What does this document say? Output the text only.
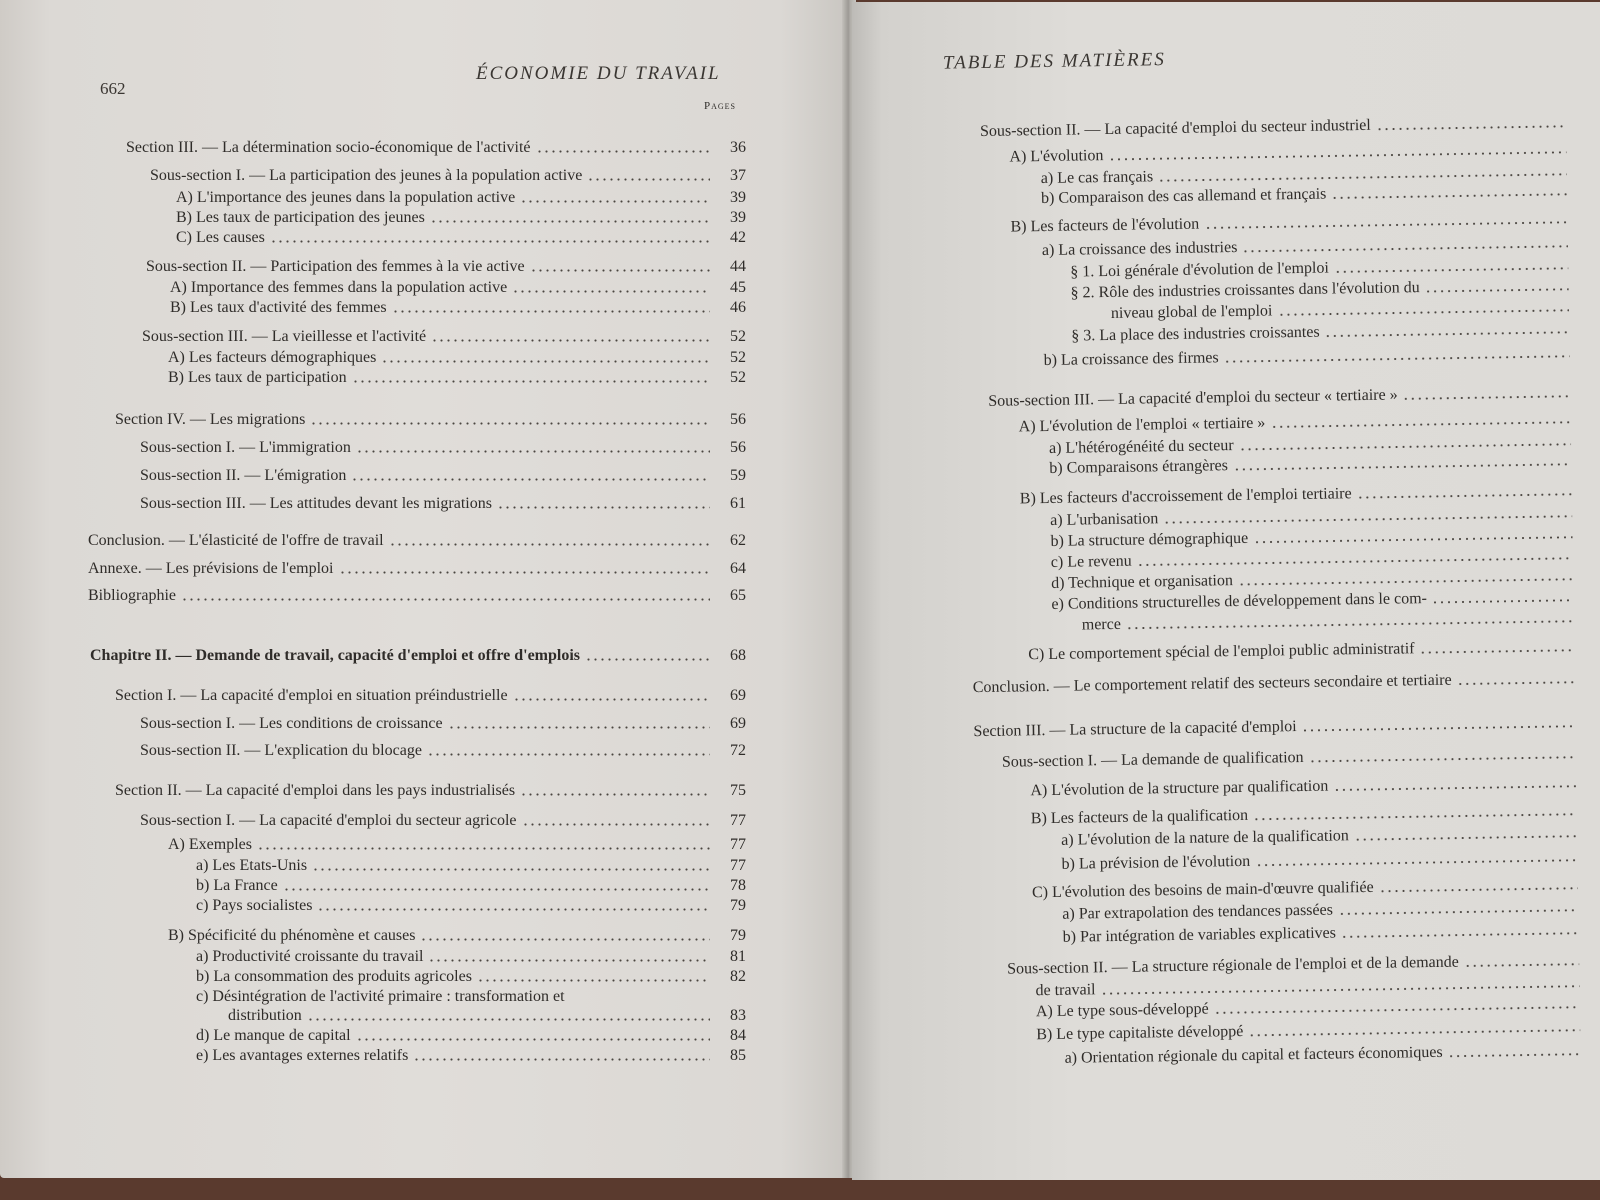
662
ÉCONOMIE DU TRAVAIL
Pages
Section III. — La détermination socio-économique de l'activité	36
Sous-section I. — La participation des jeunes à la population active	37
A) L'importance des jeunes dans la population active	39
B) Les taux de participation des jeunes	39
C) Les causes	42
Sous-section II. — Participation des femmes à la vie active	44
A) Importance des femmes dans la population active	45
B) Les taux d'activité des femmes	46
Sous-section III. — La vieillesse et l'activité	52
A) Les facteurs démographiques	52
B) Les taux de participation	52
Section IV. — Les migrations	56
Sous-section I. — L'immigration	56
Sous-section II. — L'émigration	59
Sous-section III. — Les attitudes devant les migrations	61
Conclusion. — L'élasticité de l'offre de travail	62
Annexe. — Les prévisions de l'emploi	64
Bibliographie	65
Chapitre II. — Demande de travail, capacité d'emploi et offre d'emplois	68
Section I. — La capacité d'emploi en situation préindustrielle	69
Sous-section I. — Les conditions de croissance	69
Sous-section II. — L'explication du blocage	72
Section II. — La capacité d'emploi dans les pays industrialisés	75
Sous-section I. — La capacité d'emploi du secteur agricole	77
A) Exemples	77
a) Les Etats-Unis	77
b) La France	78
c) Pays socialistes	79
B) Spécificité du phénomène et causes	79
a) Productivité croissante du travail	81
b) La consommation des produits agricoles	82
c) Désintégration de l'activité primaire : transformation et
distribution	83
d) Le manque de capital	84
e) Les avantages externes relatifs	85
TABLE DES MATIÈRES
Sous-section II. — La capacité d'emploi du secteur industriel
A) L'évolution
a) Le cas français
b) Comparaison des cas allemand et français
B) Les facteurs de l'évolution
a) La croissance des industries
§ 1. Loi générale d'évolution de l'emploi
§ 2. Rôle des industries croissantes dans l'évolution du
niveau global de l'emploi
§ 3. La place des industries croissantes
b) La croissance des firmes
Sous-section III. — La capacité d'emploi du secteur « tertiaire »
A) L'évolution de l'emploi « tertiaire »
a) L'hétérogénéité du secteur
b) Comparaisons étrangères
B) Les facteurs d'accroissement de l'emploi tertiaire
a) L'urbanisation
b) La structure démographique
c) Le revenu
d) Technique et organisation
e) Conditions structurelles de développement dans le com-
merce
C) Le comportement spécial de l'emploi public administratif
Conclusion. — Le comportement relatif des secteurs secondaire et tertiaire
Section III. — La structure de la capacité d'emploi
Sous-section I. — La demande de qualification
A) L'évolution de la structure par qualification
B) Les facteurs de la qualification
a) L'évolution de la nature de la qualification
b) La prévision de l'évolution
C) L'évolution des besoins de main-d'œuvre qualifiée
a) Par extrapolation des tendances passées
b) Par intégration de variables explicatives
Sous-section II. — La structure régionale de l'emploi et de la demande
de travail
A) Le type sous-développé
B) Le type capitaliste développé
a) Orientation régionale du capital et facteurs économiques
